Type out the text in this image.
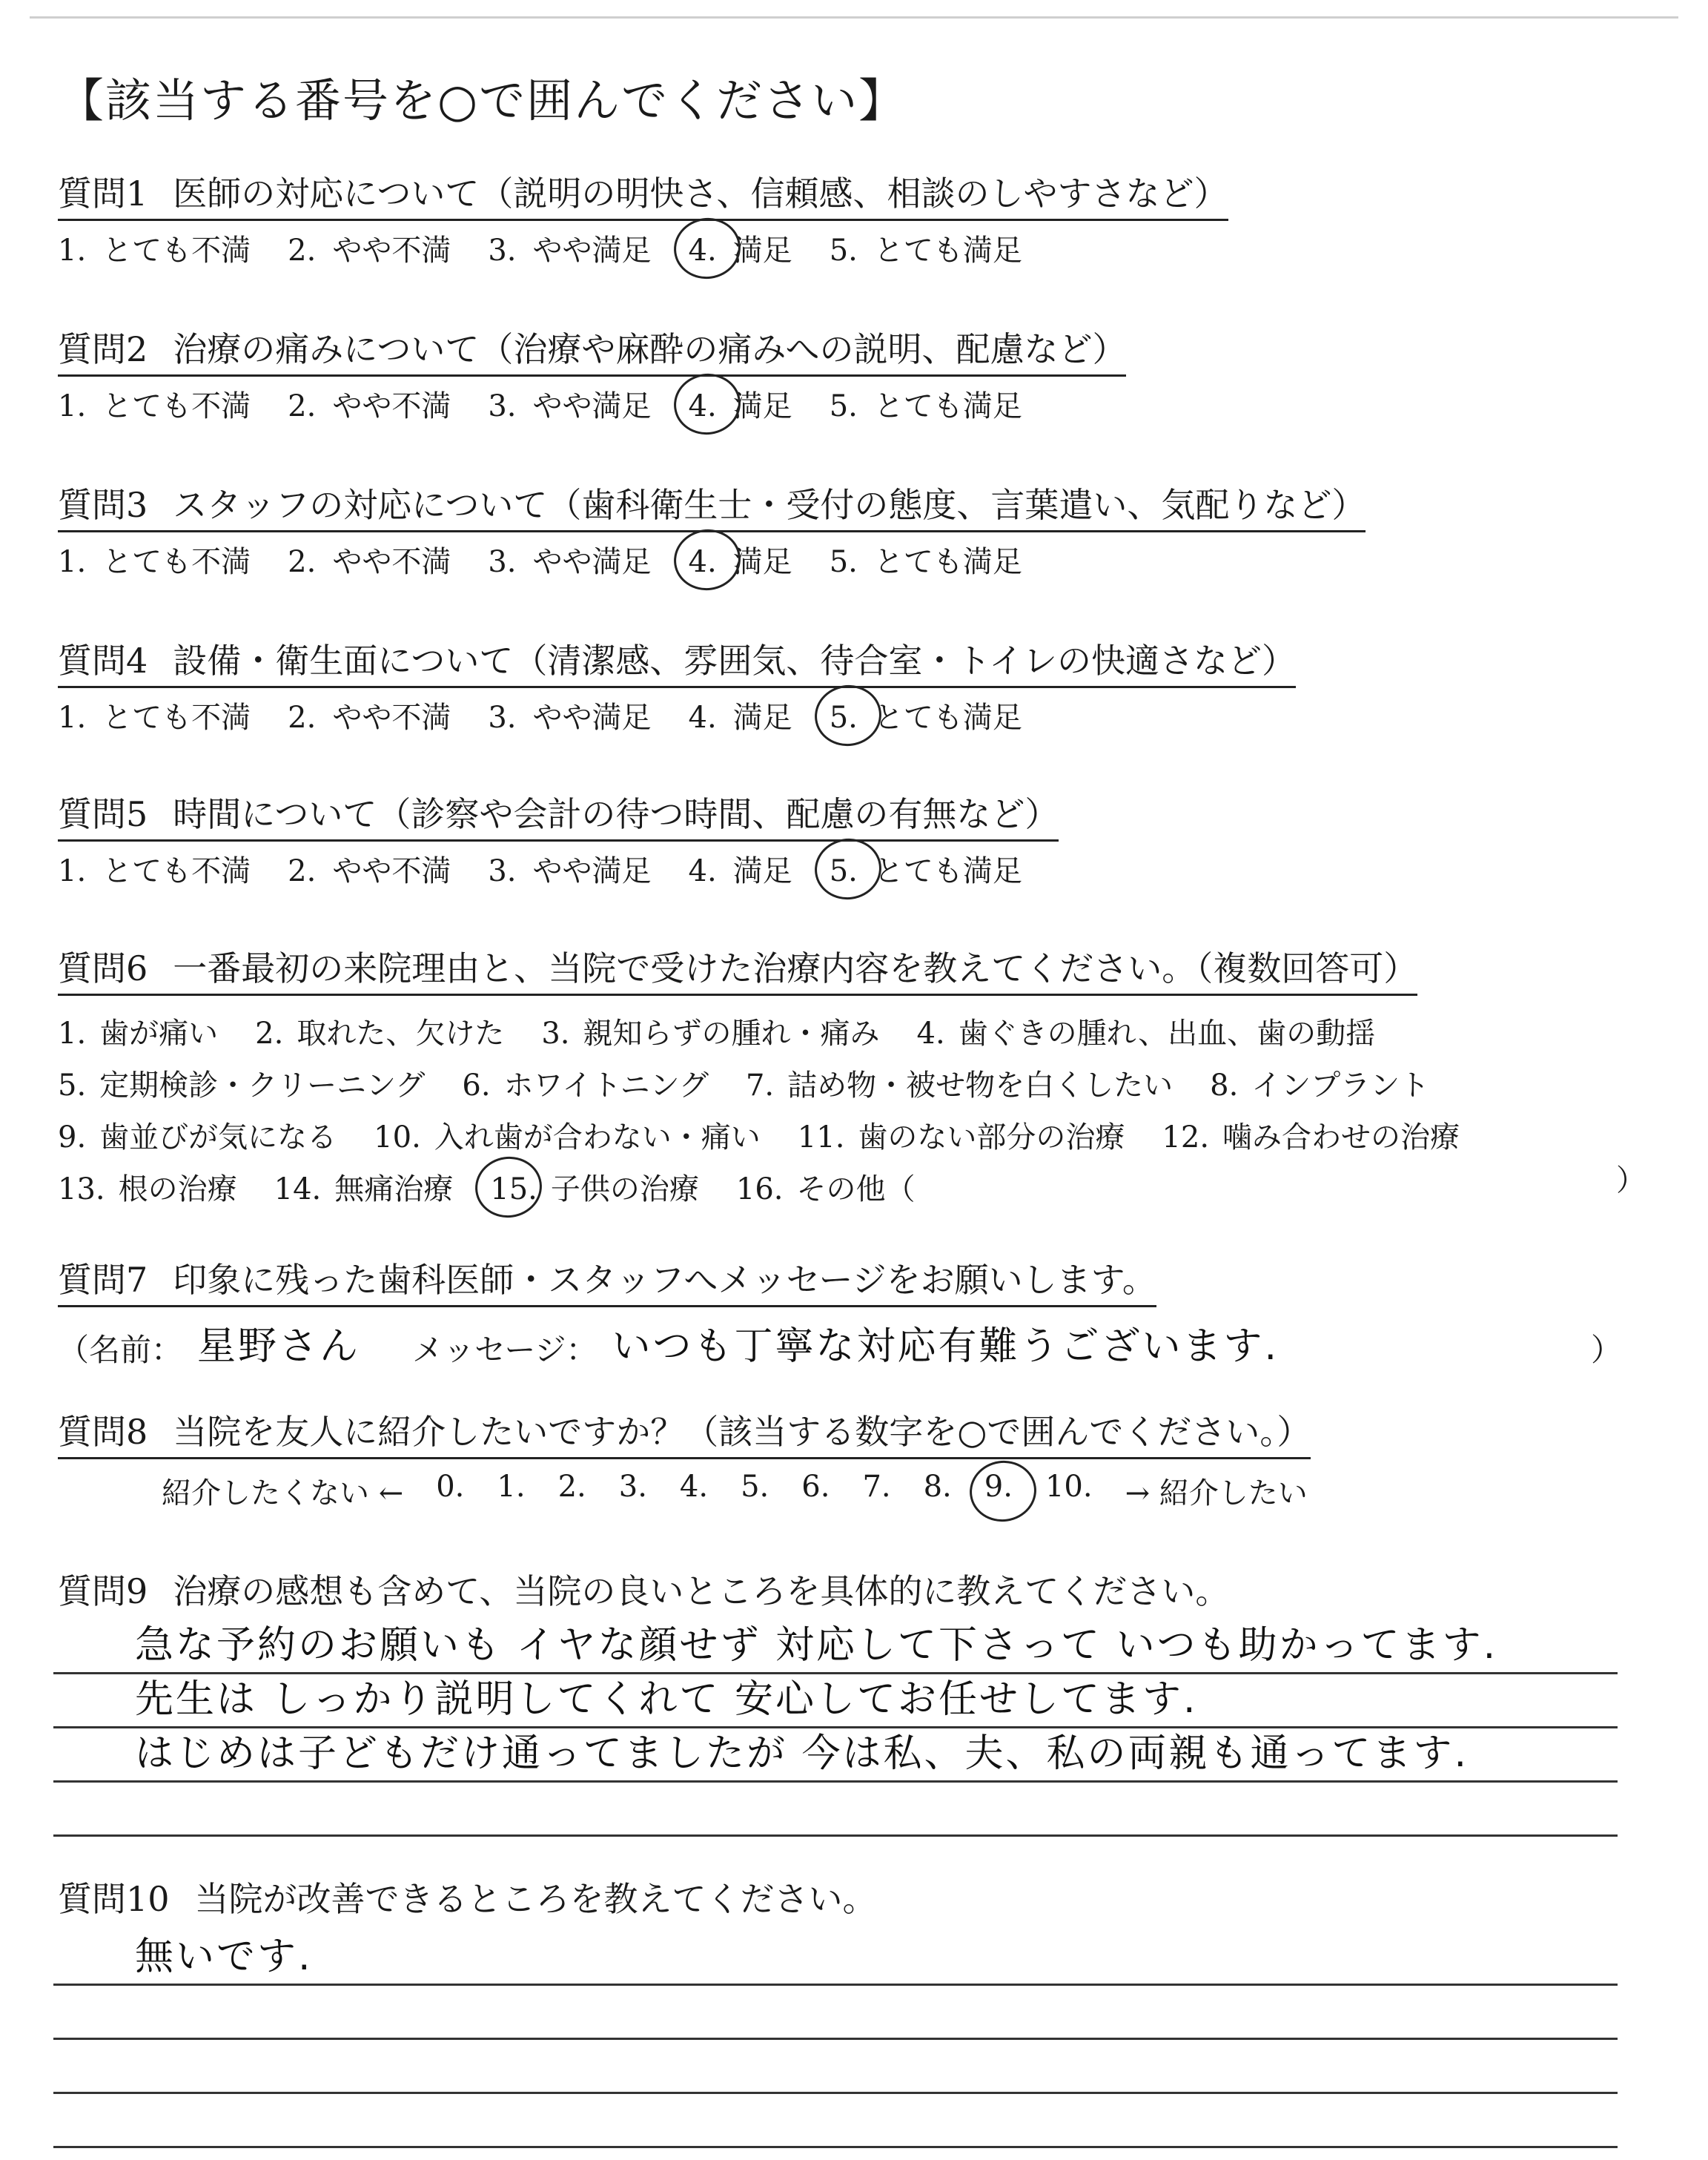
【該当する番号を○で囲んでください】
質問1 医師の対応について（説明の明快さ、信頼感、相談のしやすさなど）
1. とても不満 2. やや不満 3. やや満足 4. 満足 5. とても満足
質問2 治療の痛みについて（治療や麻酔の痛みへの説明、配慮など）
1. とても不満 2. やや不満 3. やや満足 4. 満足 5. とても満足
質問3 スタッフの対応について（歯科衛生士・受付の態度、言葉遣い、気配りなど）
1. とても不満 2. やや不満 3. やや満足 4. 満足 5. とても満足
質問4 設備・衛生面について（清潔感、雰囲気、待合室・トイレの快適さなど）
1. とても不満 2. やや不満 3. やや満足 4. 満足 5. とても満足
質問5 時間について（診察や会計の待つ時間、配慮の有無など）
1. とても不満 2. やや不満 3. やや満足 4. 満足 5. とても満足
質問6 一番最初の来院理由と、当院で受けた治療内容を教えてください。（複数回答可）
1. 歯が痛い 2. 取れた、欠けた 3. 親知らずの腫れ・痛み 4. 歯ぐきの腫れ、出血、歯の動揺
5. 定期検診・クリーニング 6. ホワイトニング 7. 詰め物・被せ物を白くしたい 8. インプラント
9. 歯並びが気になる 10. 入れ歯が合わない・痛い 11. 歯のない部分の治療 12. 噛み合わせの治療
13. 根の治療 14. 無痛治療 15. 子供の治療 16. その他（	）
質問7 印象に残った歯科医師・スタッフへメッセージをお願いします。
（名前： 星野さん メッセージ： いつも丁寧な対応有難うございます.	）
質問8 当院を友人に紹介したいですか？（該当する数字を○で囲んでください。）
紹介したくない ← 0. 1. 2. 3. 4. 5. 6. 7. 8. 9. 10. → 紹介したい
質問9 治療の感想も含めて、当院の良いところを具体的に教えてください。
急な予約のお願いも イヤな顔せず 対応して下さって いつも助かってます.
先生は しっかり説明してくれて 安心してお任せしてます.
はじめは子どもだけ通ってましたが 今は私、夫、私の両親も通ってます.
質問10 当院が改善できるところを教えてください。
無いです.
